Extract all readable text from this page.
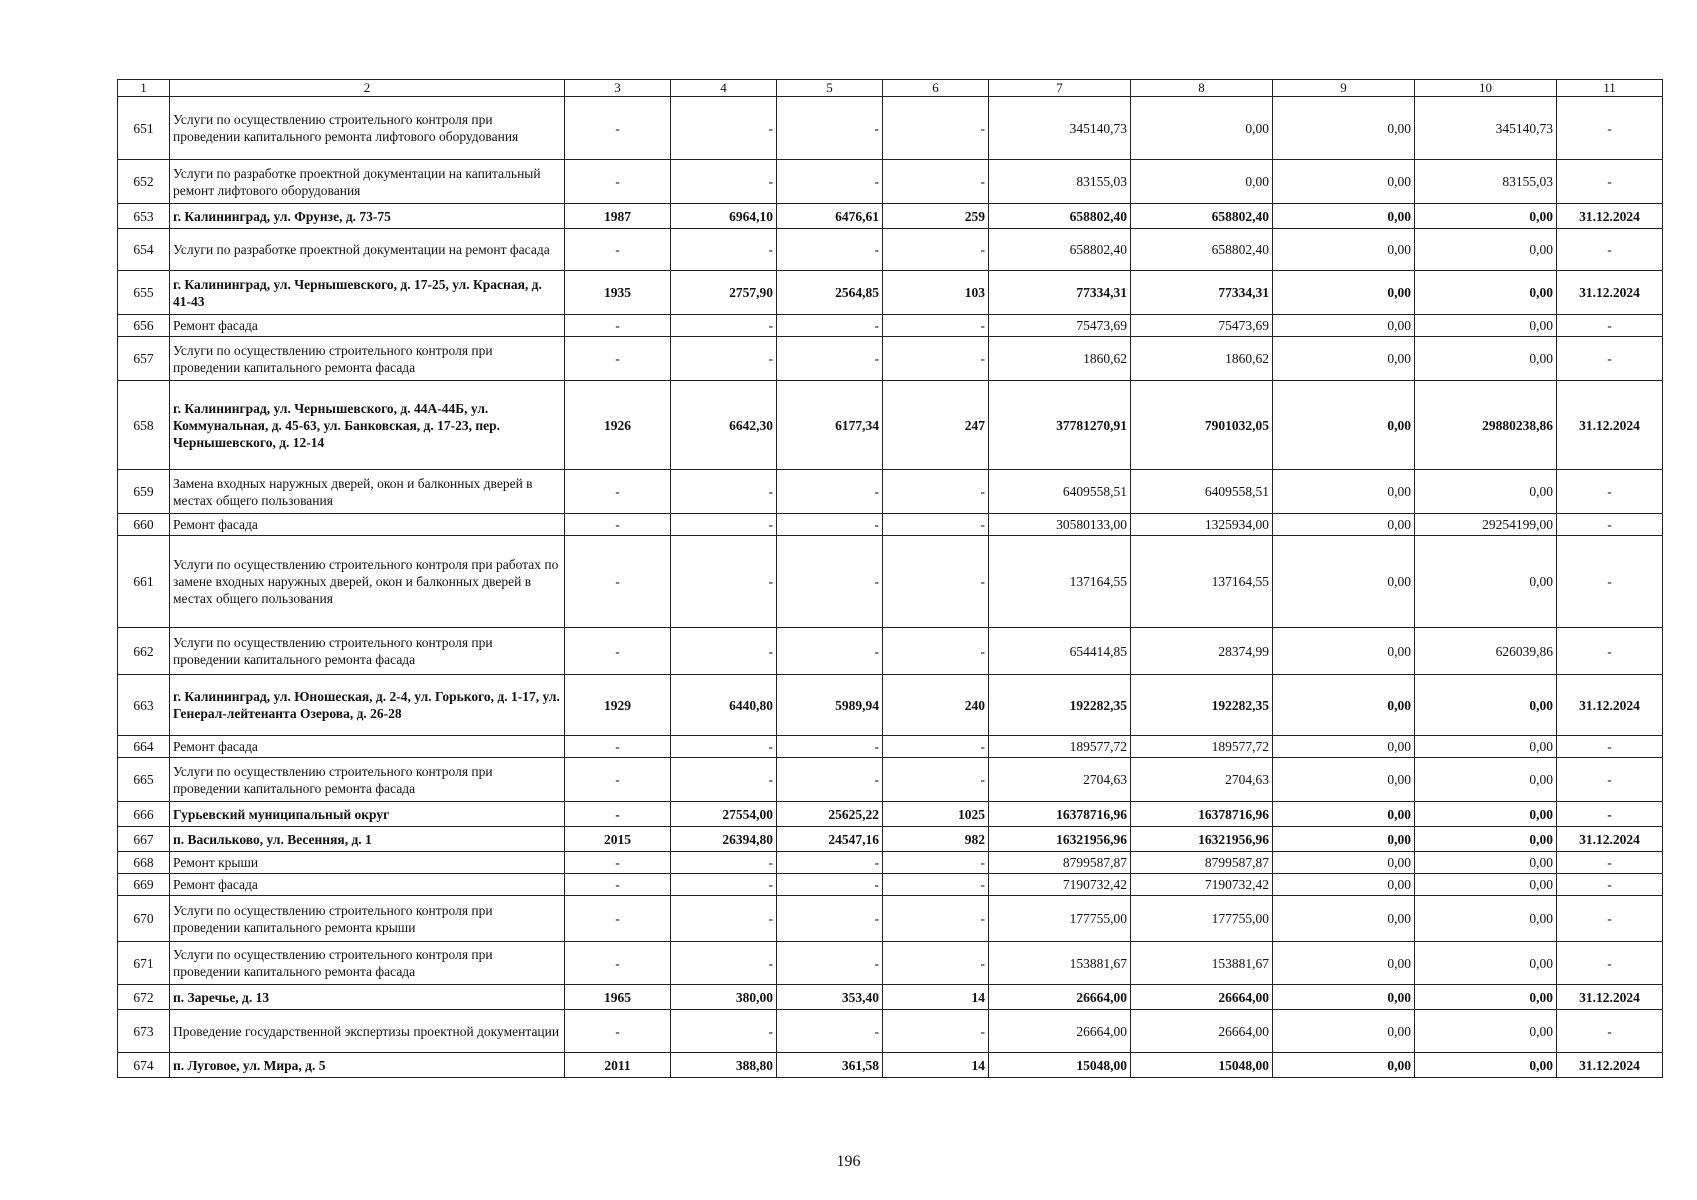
1	2	3	4	5	6	7	8	9	10	11
651	Услуги по осуществлению строительного контроля при проведении капитального ремонта лифтового оборудования	-	-	-	-	345140,73	0,00	0,00	345140,73	-
652	Услуги по разработке проектной документации на капитальный ремонт лифтового оборудования	-	-	-	-	83155,03	0,00	0,00	83155,03	-
653	г. Калининград, ул. Фрунзе, д. 73-75	1987	6964,10	6476,61	259	658802,40	658802,40	0,00	0,00	31.12.2024
654	Услуги по разработке проектной документации на ремонт фасада	-	-	-	-	658802,40	658802,40	0,00	0,00	-
655	г. Калининград, ул. Чернышевского, д. 17-25, ул. Красная, д. 41-43	1935	2757,90	2564,85	103	77334,31	77334,31	0,00	0,00	31.12.2024
656	Ремонт фасада	-	-	-	-	75473,69	75473,69	0,00	0,00	-
657	Услуги по осуществлению строительного контроля при проведении капитального ремонта фасада	-	-	-	-	1860,62	1860,62	0,00	0,00	-
658	г. Калининград, ул. Чернышевского, д. 44А-44Б, ул. Коммунальная, д. 45-63, ул. Банковская, д. 17-23, пер. Чернышевского, д. 12-14	1926	6642,30	6177,34	247	37781270,91	7901032,05	0,00	29880238,86	31.12.2024
659	Замена входных наружных дверей, окон и балконных дверей в местах общего пользования	-	-	-	-	6409558,51	6409558,51	0,00	0,00	-
660	Ремонт фасада	-	-	-	-	30580133,00	1325934,00	0,00	29254199,00	-
661	Услуги по осуществлению строительного контроля при работах по замене входных наружных дверей, окон и балконных дверей в местах общего пользования	-	-	-	-	137164,55	137164,55	0,00	0,00	-
662	Услуги по осуществлению строительного контроля при проведении капитального ремонта фасада	-	-	-	-	654414,85	28374,99	0,00	626039,86	-
663	г. Калининград, ул. Юношеская, д. 2-4, ул. Горького, д. 1-17, ул. Генерал-лейтенанта Озерова, д. 26-28	1929	6440,80	5989,94	240	192282,35	192282,35	0,00	0,00	31.12.2024
664	Ремонт фасада	-	-	-	-	189577,72	189577,72	0,00	0,00	-
665	Услуги по осуществлению строительного контроля при проведении капитального ремонта фасада	-	-	-	-	2704,63	2704,63	0,00	0,00	-
666	Гурьевский муниципальный округ	-	27554,00	25625,22	1025	16378716,96	16378716,96	0,00	0,00	-
667	п. Васильково, ул. Весенняя, д. 1	2015	26394,80	24547,16	982	16321956,96	16321956,96	0,00	0,00	31.12.2024
668	Ремонт крыши	-	-	-	-	8799587,87	8799587,87	0,00	0,00	-
669	Ремонт фасада	-	-	-	-	7190732,42	7190732,42	0,00	0,00	-
670	Услуги по осуществлению строительного контроля при проведении капитального ремонта крыши	-	-	-	-	177755,00	177755,00	0,00	0,00	-
671	Услуги по осуществлению строительного контроля при проведении капитального ремонта фасада	-	-	-	-	153881,67	153881,67	0,00	0,00	-
672	п. Заречье, д. 13	1965	380,00	353,40	14	26664,00	26664,00	0,00	0,00	31.12.2024
673	Проведение государственной экспертизы проектной документации	-	-	-	-	26664,00	26664,00	0,00	0,00	-
674	п. Луговое, ул. Мира, д. 5	2011	388,80	361,58	14	15048,00	15048,00	0,00	0,00	31.12.2024
196
